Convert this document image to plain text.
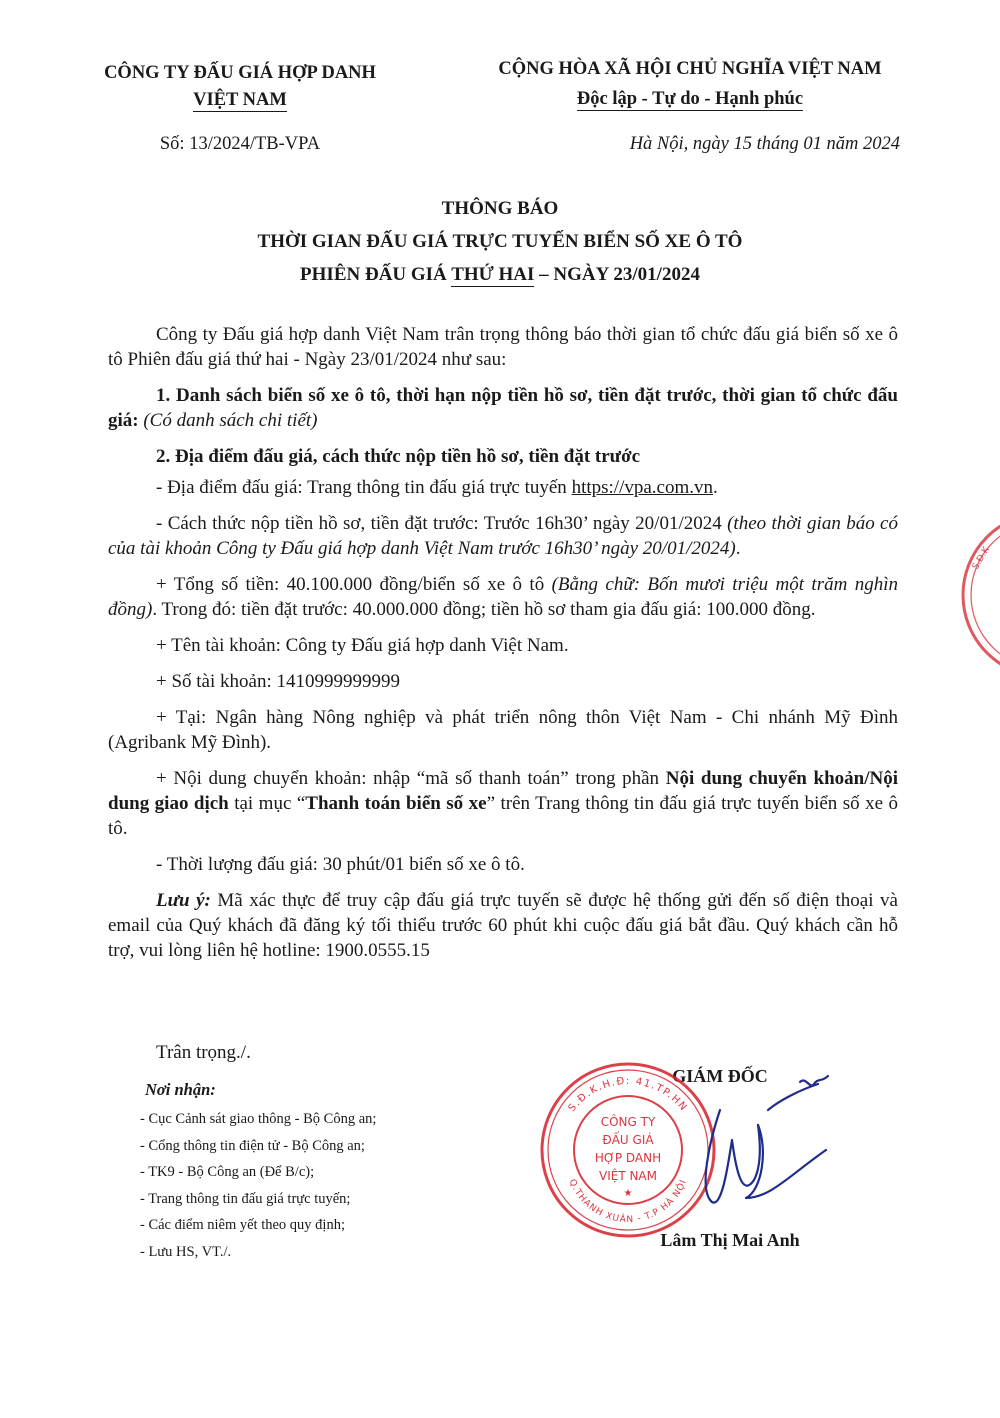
CÔNG TY ĐẤU GIÁ HỢP DANH
VIỆT NAM
CỘNG HÒA XÃ HỘI CHỦ NGHĨA VIỆT NAM
Độc lập - Tự do - Hạnh phúc
Số: 13/2024/TB-VPA	Hà Nội, ngày 15 tháng 01 năm 2024
THÔNG BÁO
THỜI GIAN ĐẤU GIÁ TRỰC TUYẾN BIỂN SỐ XE Ô TÔ
PHIÊN ĐẤU GIÁ THỨ HAI – NGÀY 23/01/2024

Công ty Đấu giá hợp danh Việt Nam trân trọng thông báo thời gian tổ chức đấu giá biển số xe ô tô Phiên đấu giá thứ hai - Ngày 23/01/2024 như sau:

1. Danh sách biển số xe ô tô, thời hạn nộp tiền hồ sơ, tiền đặt trước, thời gian tổ chức đấu giá: (Có danh sách chi tiết)

2. Địa điểm đấu giá, cách thức nộp tiền hồ sơ, tiền đặt trước

- Địa điểm đấu giá: Trang thông tin đấu giá trực tuyến https://vpa.com.vn.

- Cách thức nộp tiền hồ sơ, tiền đặt trước: Trước 16h30’ ngày 20/01/2024 (theo thời gian báo có của tài khoản Công ty Đấu giá hợp danh Việt Nam trước 16h30’ ngày 20/01/2024).

+ Tổng số tiền: 40.100.000 đồng/biển số xe ô tô (Bằng chữ: Bốn mươi triệu một trăm nghìn đồng). Trong đó: tiền đặt trước: 40.000.000 đồng; tiền hồ sơ tham gia đấu giá: 100.000 đồng.

+ Tên tài khoản: Công ty Đấu giá hợp danh Việt Nam.

+ Số tài khoản: 1410999999999

+ Tại: Ngân hàng Nông nghiệp và phát triển nông thôn Việt Nam - Chi nhánh Mỹ Đình (Agribank Mỹ Đình).

+ Nội dung chuyển khoản: nhập “mã số thanh toán” trong phần Nội dung chuyển khoản/Nội dung giao dịch tại mục “Thanh toán biển số xe” trên Trang thông tin đấu giá trực tuyến biển số xe ô tô.

- Thời lượng đấu giá: 30 phút/01 biển số xe ô tô.

Lưu ý: Mã xác thực để truy cập đấu giá trực tuyến sẽ được hệ thống gửi đến số điện thoại và email của Quý khách đã đăng ký tối thiểu trước 60 phút khi cuộc đấu giá bắt đầu. Quý khách cần hỗ trợ, vui lòng liên hệ hotline: 1900.0555.15

Trân trọng./.
Nơi nhận:
- Cục Cảnh sát giao thông - Bộ Công an;
- Cổng thông tin điện tử - Bộ Công an;
- TK9 - Bộ Công an (Để B/c);
- Trang thông tin đấu giá trực tuyến;
- Các điểm niêm yết theo quy định;
- Lưu HS, VT./.
GIÁM ĐỐC
S.Đ.K.H.Đ: 41.TP.HN
Q.THANH XUÂN - T.P HÀ NỘI
CÔNG TY
ĐẤU GIÁ
HỢP DANH
VIỆT NAM
★
Lâm Thị Mai Anh
S.Đ.K
